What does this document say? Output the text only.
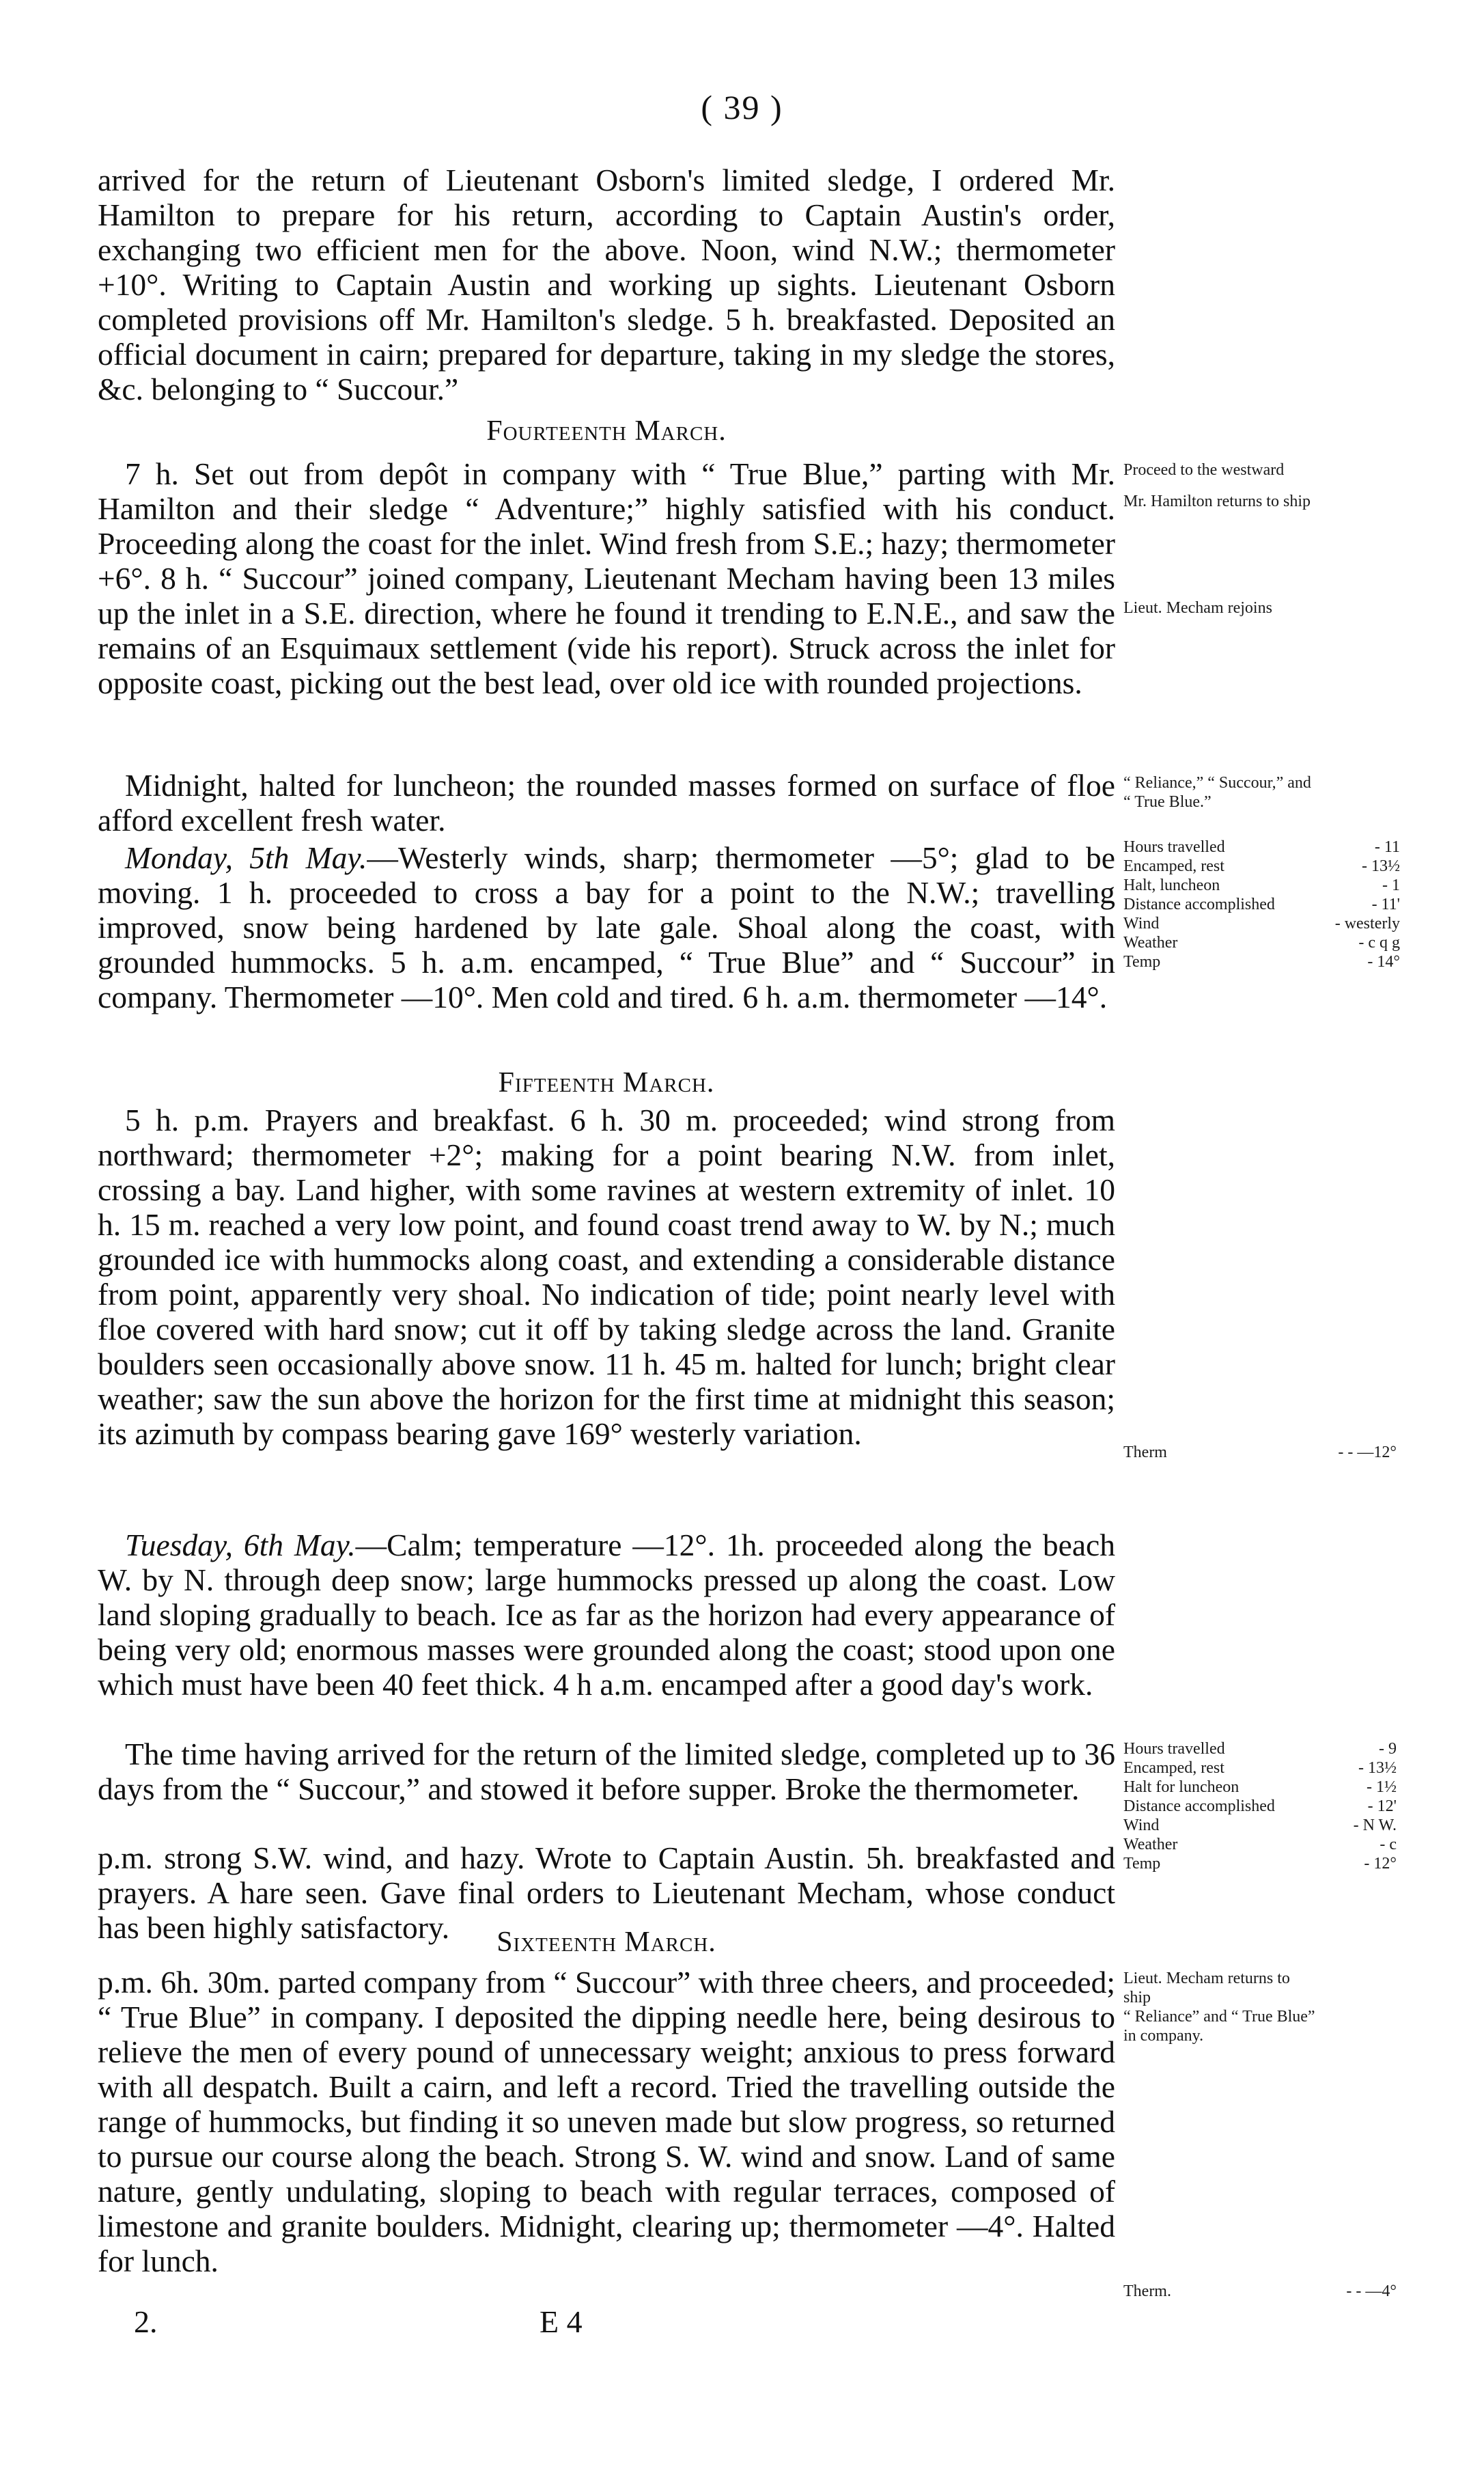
( 39 )

arrived for the return of Lieutenant Osborn's limited sledge, I ordered Mr. Hamilton to prepare for his return, according to Captain Austin's order, exchanging two efficient men for the above. Noon, wind N.W.; thermometer +10°. Writing to Captain Austin and working up sights. Lieutenant Osborn completed provisions off Mr. Hamilton's sledge. 5 h. breakfasted. Deposited an official document in cairn; prepared for departure, taking in my sledge the stores, &c. belonging to “ Succour.”

Fourteenth March.

7 h. Set out from depôt in company with “ True Blue,” parting with Mr. Hamilton and their sledge “ Adventure;” highly satisfied with his conduct. Proceeding along the coast for the inlet. Wind fresh from S.E.; hazy; thermometer +6°. 8 h. “ Succour” joined company, Lieutenant Mecham having been 13 miles up the inlet in a S.E. direction, where he found it trending to E.N.E., and saw the remains of an Esquimaux settlement (vide his report). Struck across the inlet for opposite coast, picking out the best lead, over old ice with rounded projections.

Midnight, halted for luncheon; the rounded masses formed on surface of floe afford excellent fresh water.

Monday, 5th May.—Westerly winds, sharp; thermometer —5°; glad to be moving. 1 h. proceeded to cross a bay for a point to the N.W.; travelling improved, snow being hardened by late gale. Shoal along the coast, with grounded hummocks. 5 h. a.m. encamped, “ True Blue” and “ Succour” in company. Thermometer —10°. Men cold and tired. 6 h. a.m. thermometer —14°.

Fifteenth March.

5 h. p.m. Prayers and breakfast. 6 h. 30 m. proceeded; wind strong from northward; thermometer +2°; making for a point bearing N.W. from inlet, crossing a bay. Land higher, with some ravines at western extremity of inlet. 10 h. 15 m. reached a very low point, and found coast trend away to W. by N.; much grounded ice with hummocks along coast, and extending a considerable distance from point, apparently very shoal. No indication of tide; point nearly level with floe covered with hard snow; cut it off by taking sledge across the land. Granite boulders seen occasionally above snow. 11 h. 45 m. halted for lunch; bright clear weather; saw the sun above the horizon for the first time at midnight this season; its azimuth by compass bearing gave 169° westerly variation.

Tuesday, 6th May.—Calm; temperature —12°. 1h. proceeded along the beach W. by N. through deep snow; large hummocks pressed up along the coast. Low land sloping gradually to beach. Ice as far as the horizon had every appearance of being very old; enormous masses were grounded along the coast; stood upon one which must have been 40 feet thick. 4 h a.m. encamped after a good day's work.

The time having arrived for the return of the limited sledge, completed up to 36 days from the “ Succour,” and stowed it before supper. Broke the thermometer.

p.m. strong S.W. wind, and hazy. Wrote to Captain Austin. 5h. breakfasted and prayers. A hare seen. Gave final orders to Lieutenant Mecham, whose conduct has been highly satisfactory.	Sixteenth March.

p.m. 6h. 30m. parted company from “ Succour” with three cheers, and proceeded; “ True Blue” in company. I deposited the dipping needle here, being desirous to relieve the men of every pound of unnecessary weight; anxious to press forward with all despatch. Built a cairn, and left a record. Tried the travelling outside the range of hummocks, but finding it so uneven made but slow progress, so returned to pursue our course along the beach. Strong S. W. wind and snow. Land of same nature, gently undulating, sloping to beach with regular terraces, composed of limestone and granite boulders. Midnight, clearing up; thermometer —4°. Halted for lunch.

Proceed to the westward
Mr. Hamilton returns to ship
Lieut. Mecham rejoins
“ Reliance,” “ Succour,” and
“ True Blue.”
Hours travelled	- 11
Encamped, rest	- 13½
Halt, luncheon	- 1
Distance accomplished	- 11'
Wind	- westerly
Weather	- c q g
Temp	- 14°
Therm	- - —12°
Hours travelled	- 9
Encamped, rest	- 13½
Halt for luncheon	- 1½
Distance accomplished	- 12'
Wind	- N W.
Weather	- c
Temp	- 12°
Lieut. Mecham returns to
ship
“ Reliance” and “ True Blue”
in company.
Therm.	- - —4°
2.	E 4
